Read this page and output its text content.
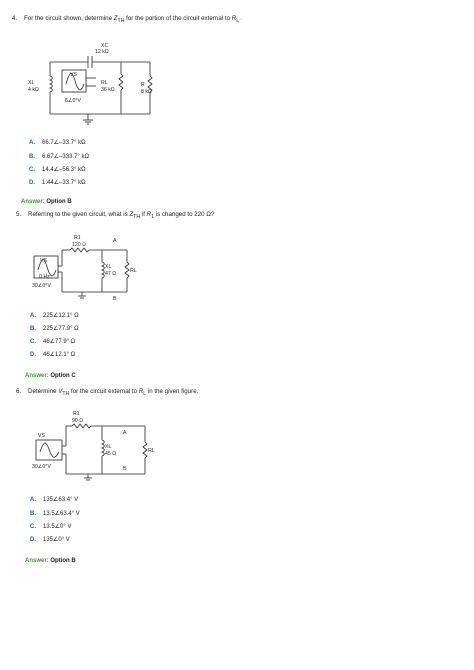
4. For the circuit shown, determine $Z_{TH}$ for the portion of the circuit external to $R_L$.
XC
12 kΩ
XL
4 kΩ
VS
6∠0°V
RL
36 kΩ
R
8 kΩ
A. 66.7∠–33.7° kΩ
B. 6.67∠–333.7° kΩ
C. 14.4∠–56.3° kΩ
D. 1.44∠–33.7° kΩ
Answer: Option B
5. Referring to the given circuit, what is $Z_{TH}$ if $R_1$ is changed to 220 Ω?
R1
120 Ω
A
VS
0 Hz
30∠0°V
XL
47 Ω	RL
B
A. 225∠12.1° Ω
B. 225∠77.9° Ω
C. 46∠77.9° Ω
D. 46∠12.1° Ω
Answer: Option C
6. Determine $V_{TH}$ for the circuit external to $R_L$ in the given figure.
R1
90 Ω
A
VS
30∠0°V
XL
45 Ω	RL
B
A. 135∠63.4° V
B. 13.5∠63.4° V
C. 13.5∠0° V
D. 135∠0° V
Answer: Option B
